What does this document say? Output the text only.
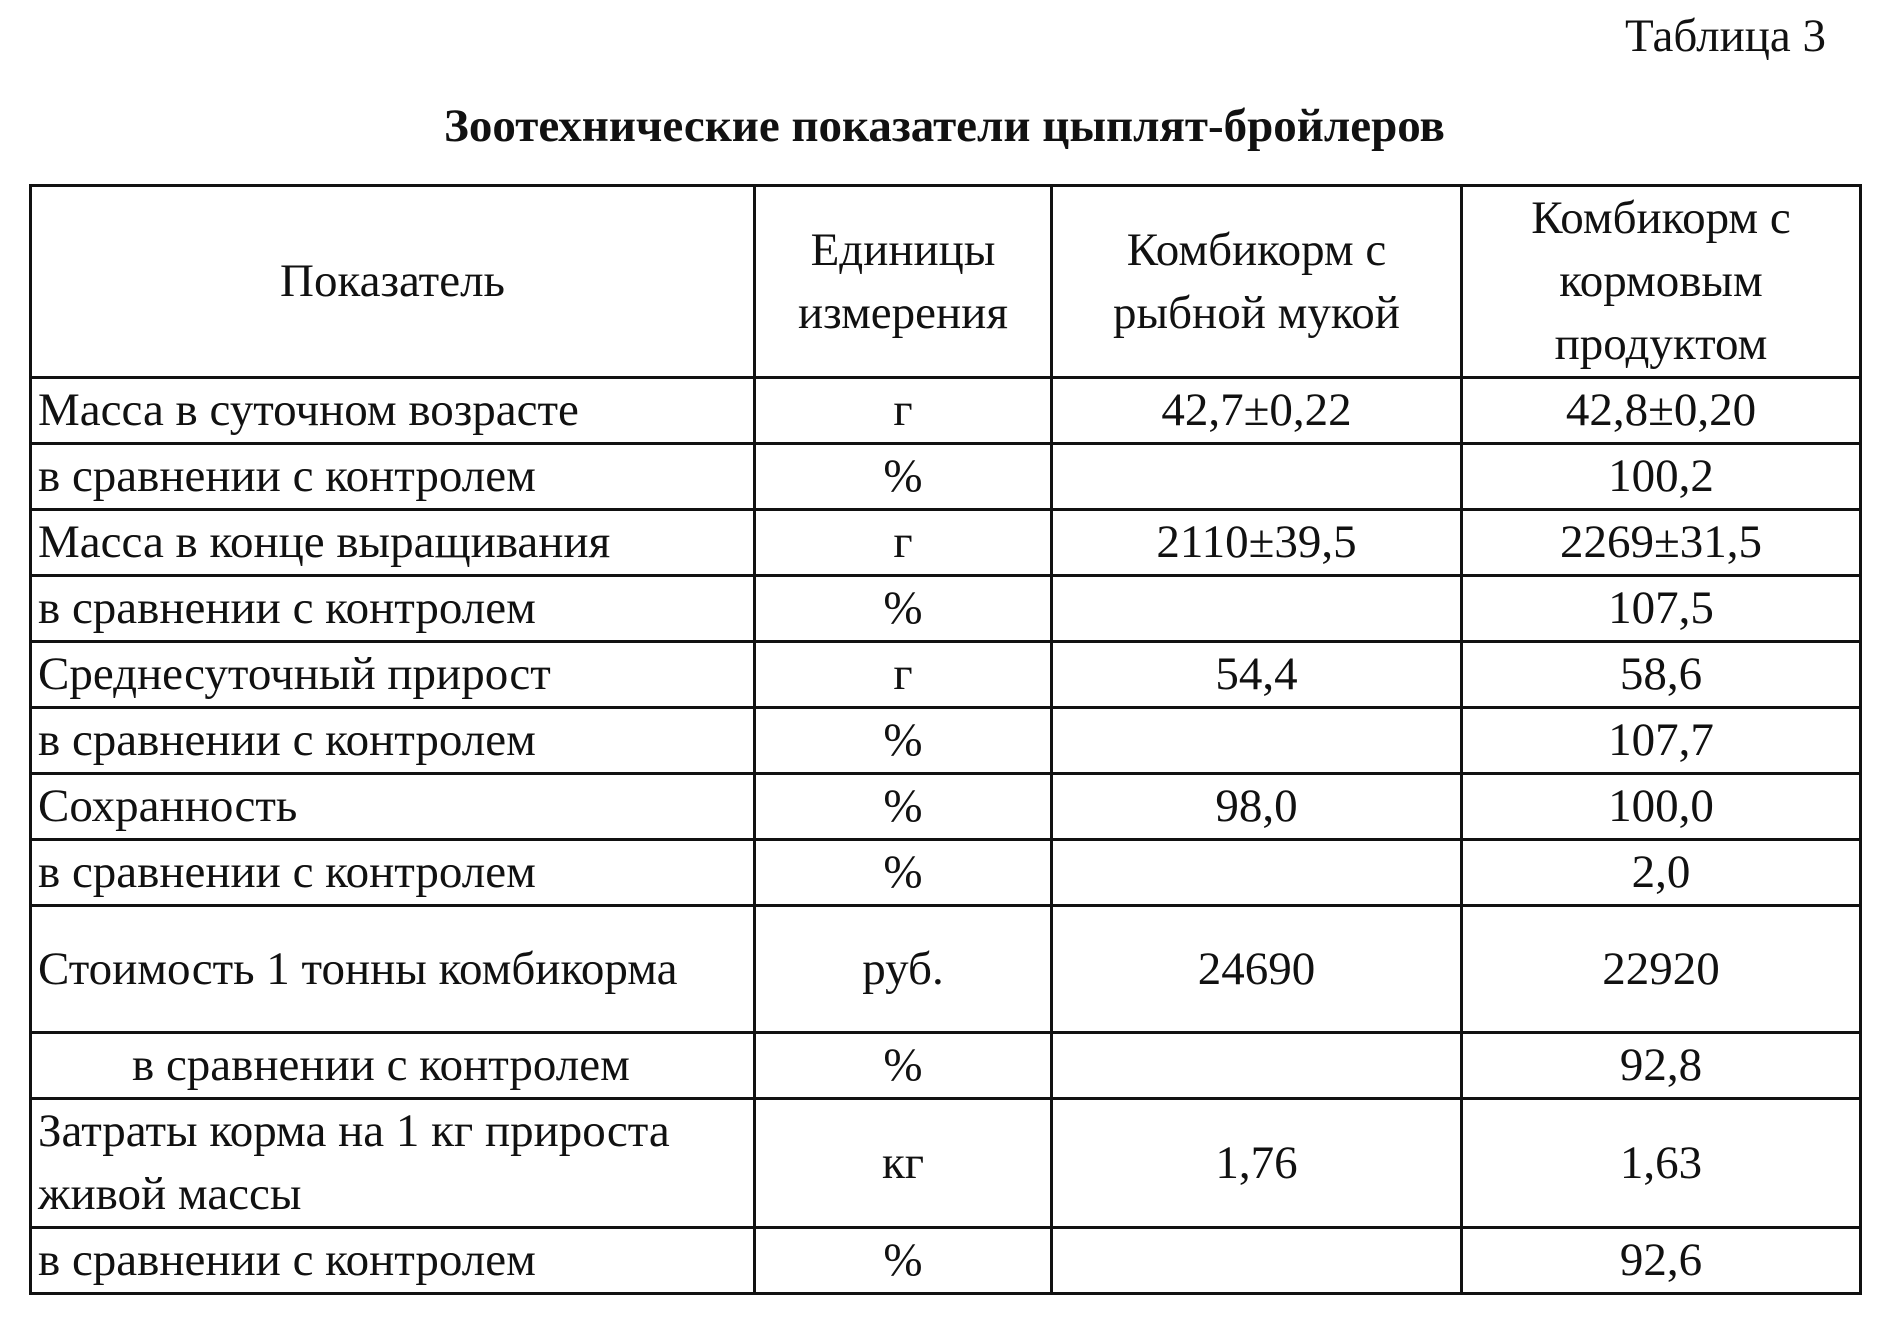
Таблица 3
Зоотехнические показатели цыплят-бройлеров
Показатель	Единицы измерения	Комбикорм с рыбной мукой	Комбикорм с кормовым продуктом
Масса в суточном возрасте	г	42,7±0,22	42,8±0,20
в сравнении с контролем	%		100,2
Масса в конце выращивания	г	2110±39,5	2269±31,5
в сравнении с контролем	%		107,5
Среднесуточный прирост	г	54,4	58,6
в сравнении с контролем	%		107,7
Сохранность	%	98,0	100,0
в сравнении с контролем	%		2,0
Стоимость 1 тонны комбикорма	руб.	24690	22920
в сравнении с контролем	%		92,8
Затраты корма на 1 кг прироста живой массы	кг	1,76	1,63
в сравнении с контролем	%		92,6
